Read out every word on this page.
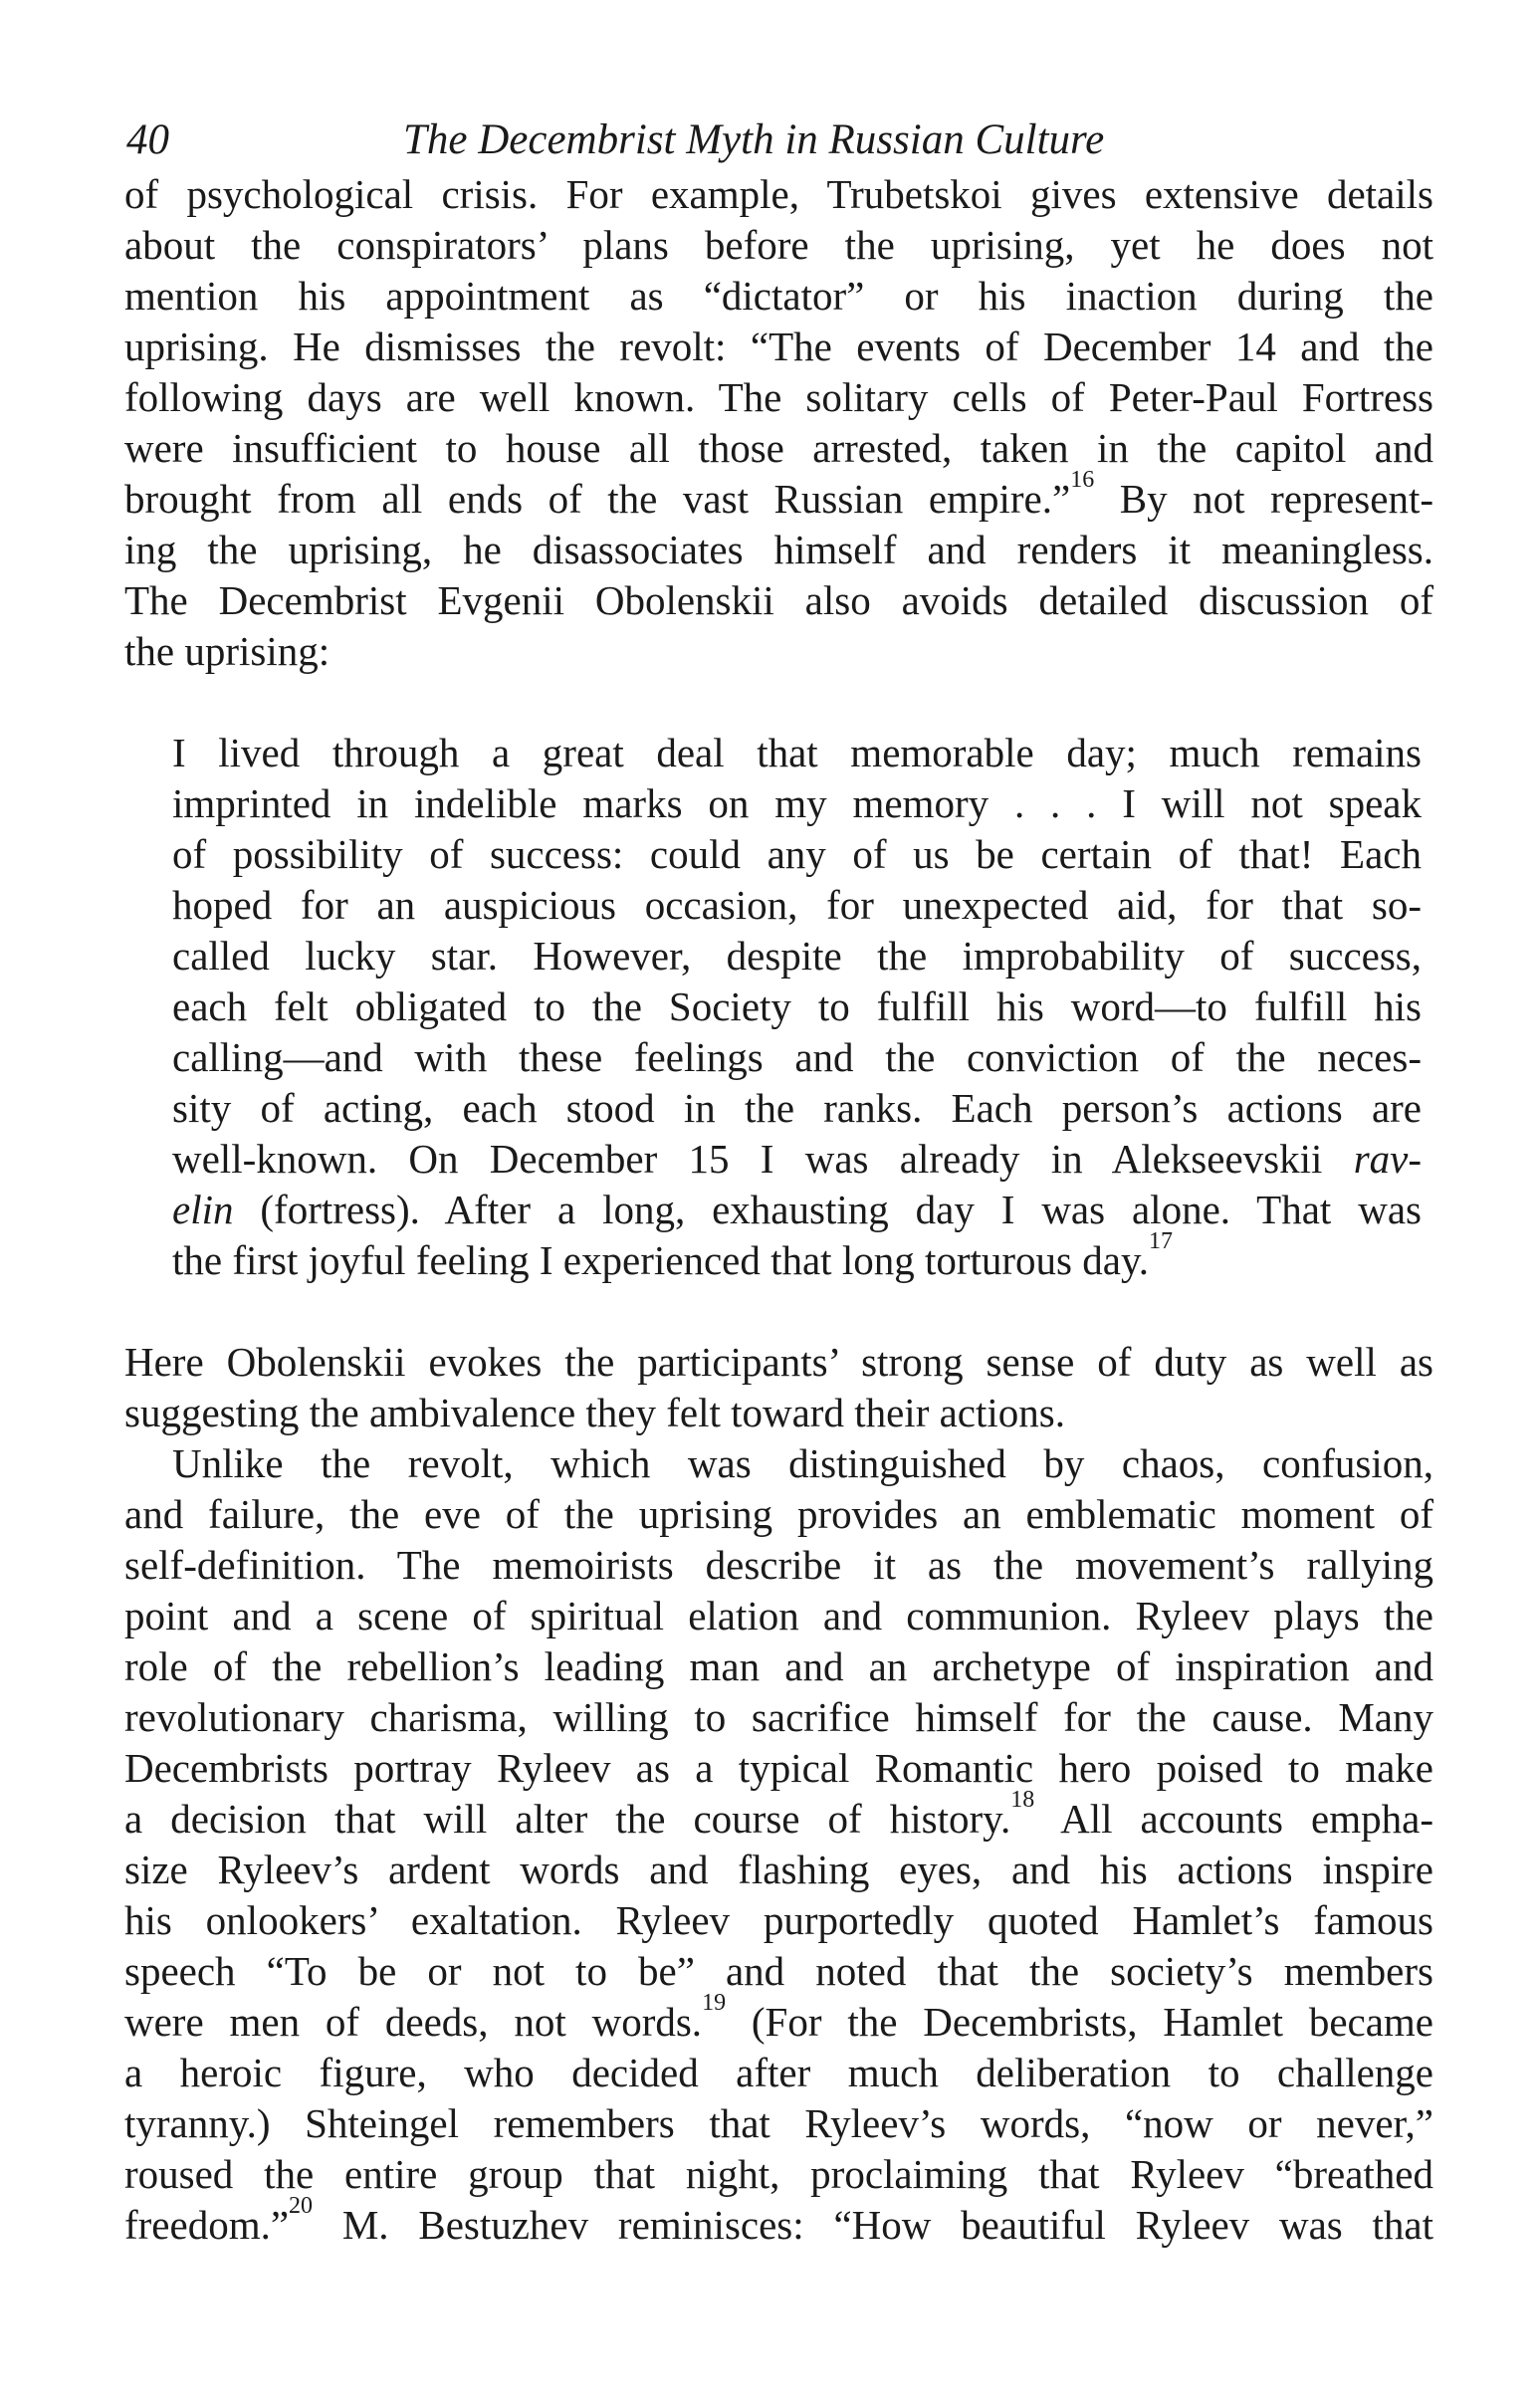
40	The Decembrist Myth in Russian Culture
of psychological crisis. For example, Trubetskoi gives extensive details
about the conspirators’ plans before the uprising, yet he does not
mention his appointment as “dictator” or his inaction during the
uprising. He dismisses the revolt: “The events of December 14 and the
following days are well known. The solitary cells of Peter-Paul Fortress
were insufficient to house all those arrested, taken in the capitol and
brought from all ends of the vast Russian empire.”$^{16}$ By not represent-
ing the uprising, he disassociates himself and renders it meaningless.
The Decembrist Evgenii Obolenskii also avoids detailed discussion of
the uprising:
I lived through a great deal that memorable day; much remains
imprinted in indelible marks on my memory . . . I will not speak
of possibility of success: could any of us be certain of that! Each
hoped for an auspicious occasion, for unexpected aid, for that so-
called lucky star. However, despite the improbability of success,
each felt obligated to the Society to fulfill his word—to fulfill his
calling—and with these feelings and the conviction of the neces-
sity of acting, each stood in the ranks. Each person’s actions are
well-known. On December 15 I was already in Alekseevskii rav-
elin (fortress). After a long, exhausting day I was alone. That was
the first joyful feeling I experienced that long torturous day.$^{17}$
Here Obolenskii evokes the participants’ strong sense of duty as well as
suggesting the ambivalence they felt toward their actions.
Unlike the revolt, which was distinguished by chaos, confusion,
and failure, the eve of the uprising provides an emblematic moment of
self-definition. The memoirists describe it as the movement’s rallying
point and a scene of spiritual elation and communion. Ryleev plays the
role of the rebellion’s leading man and an archetype of inspiration and
revolutionary charisma, willing to sacrifice himself for the cause. Many
Decembrists portray Ryleev as a typical Romantic hero poised to make
a decision that will alter the course of history.$^{18}$ All accounts empha-
size Ryleev’s ardent words and flashing eyes, and his actions inspire
his onlookers’ exaltation. Ryleev purportedly quoted Hamlet’s famous
speech “To be or not to be” and noted that the society’s members
were men of deeds, not words.$^{19}$ (For the Decembrists, Hamlet became
a heroic figure, who decided after much deliberation to challenge
tyranny.) Shteingel remembers that Ryleev’s words, “now or never,”
roused the entire group that night, proclaiming that Ryleev “breathed
freedom.”$^{20}$ M. Bestuzhev reminisces: “How beautiful Ryleev was that
